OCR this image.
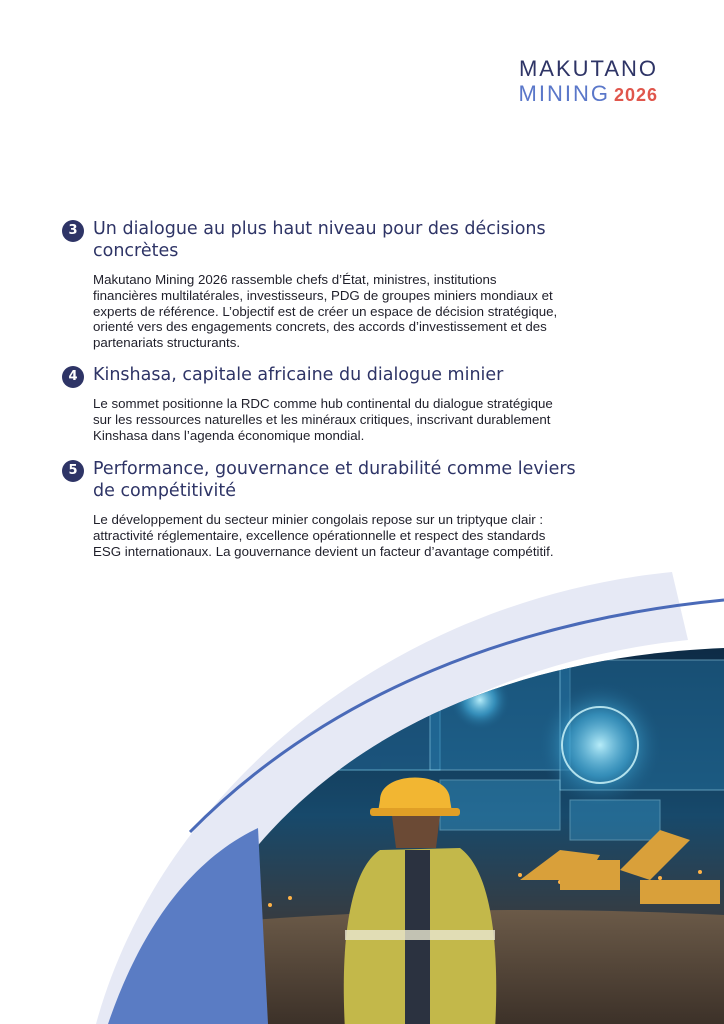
MAKUTANO
MINING 2026
3 Un dialogue au plus haut niveau pour des décisions concrètes
Makutano Mining 2026 rassemble chefs d’État, ministres, institutions financières multilatérales, investisseurs, PDG de groupes miniers mondiaux et experts de référence. L’objectif est de créer un espace de décision stratégique, orienté vers des engagements concrets, des accords d’investissement et des partenariats structurants.
4 Kinshasa, capitale africaine du dialogue minier
Le sommet positionne la RDC comme hub continental du dialogue stratégique sur les ressources naturelles et les minéraux critiques, inscrivant durablement Kinshasa dans l’agenda économique mondial.
5 Performance, gouvernance et durabilité comme leviers de compétitivité
Le développement du secteur minier congolais repose sur un triptyque clair : attractivité réglementaire, excellence opérationnelle et respect des standards ESG internationaux. La gouvernance devient un facteur d’avantage compétitif.
